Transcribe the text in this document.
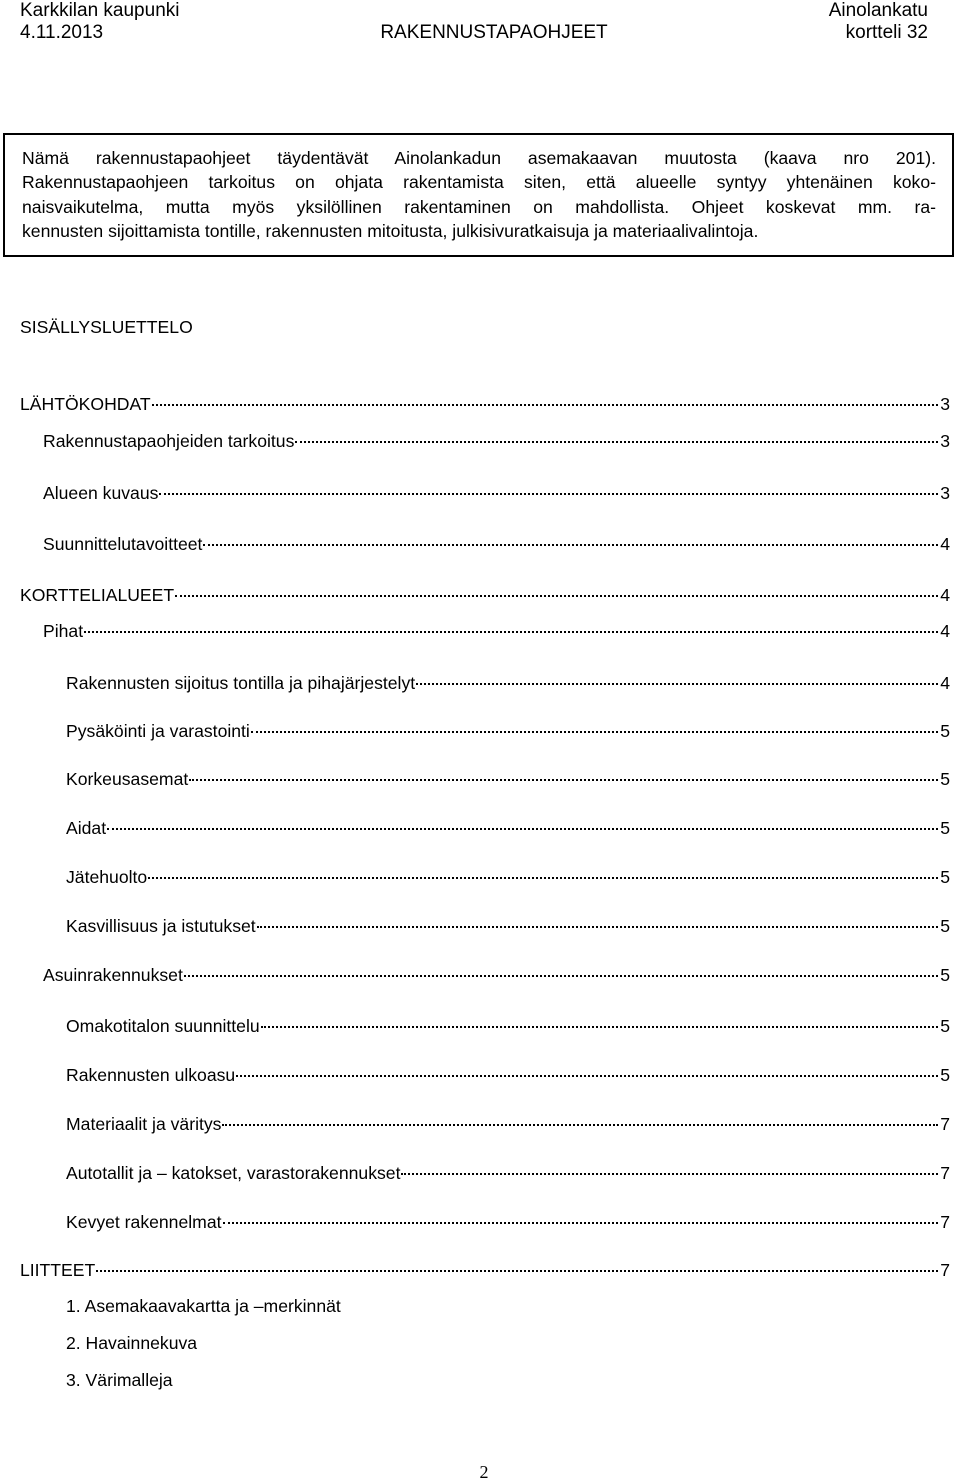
Karkkilan kaupunki
4.11.2013	RAKENNUSTAPAOHJEET
Ainolankatu
kortteli 32
Nämä rakennustapaohjeet täydentävät Ainolankadun asemakaavan muutosta (kaava nro 201).
Rakennustapaohjeen tarkoitus on ohjata rakentamista siten, että alueelle syntyy yhtenäinen koko-
naisvaikutelma, mutta myös yksilöllinen rakentaminen on mahdollista. Ohjeet koskevat mm. ra-
kennusten sijoittamista tontille, rakennusten mitoitusta, julkisivuratkaisuja ja materiaalivalintoja.
SISÄLLYSLUETTELO
LÄHTÖKOHDAT	3
Rakennustapaohjeiden tarkoitus	3
Alueen kuvaus	3
Suunnittelutavoitteet	4
KORTTELIALUEET	4
Pihat	4
Rakennusten sijoitus tontilla ja pihajärjestelyt	4
Pysäköinti ja varastointi	5
Korkeusasemat	5
Aidat	5
Jätehuolto	5
Kasvillisuus ja istutukset	5
Asuinrakennukset	5
Omakotitalon suunnittelu	5
Rakennusten ulkoasu	5
Materiaalit ja väritys	7
Autotallit ja – katokset, varastorakennukset	7
Kevyet rakennelmat	7
LIITTEET	7
1. Asemakaavakartta ja –merkinnät
2. Havainnekuva
3. Värimalleja
2
